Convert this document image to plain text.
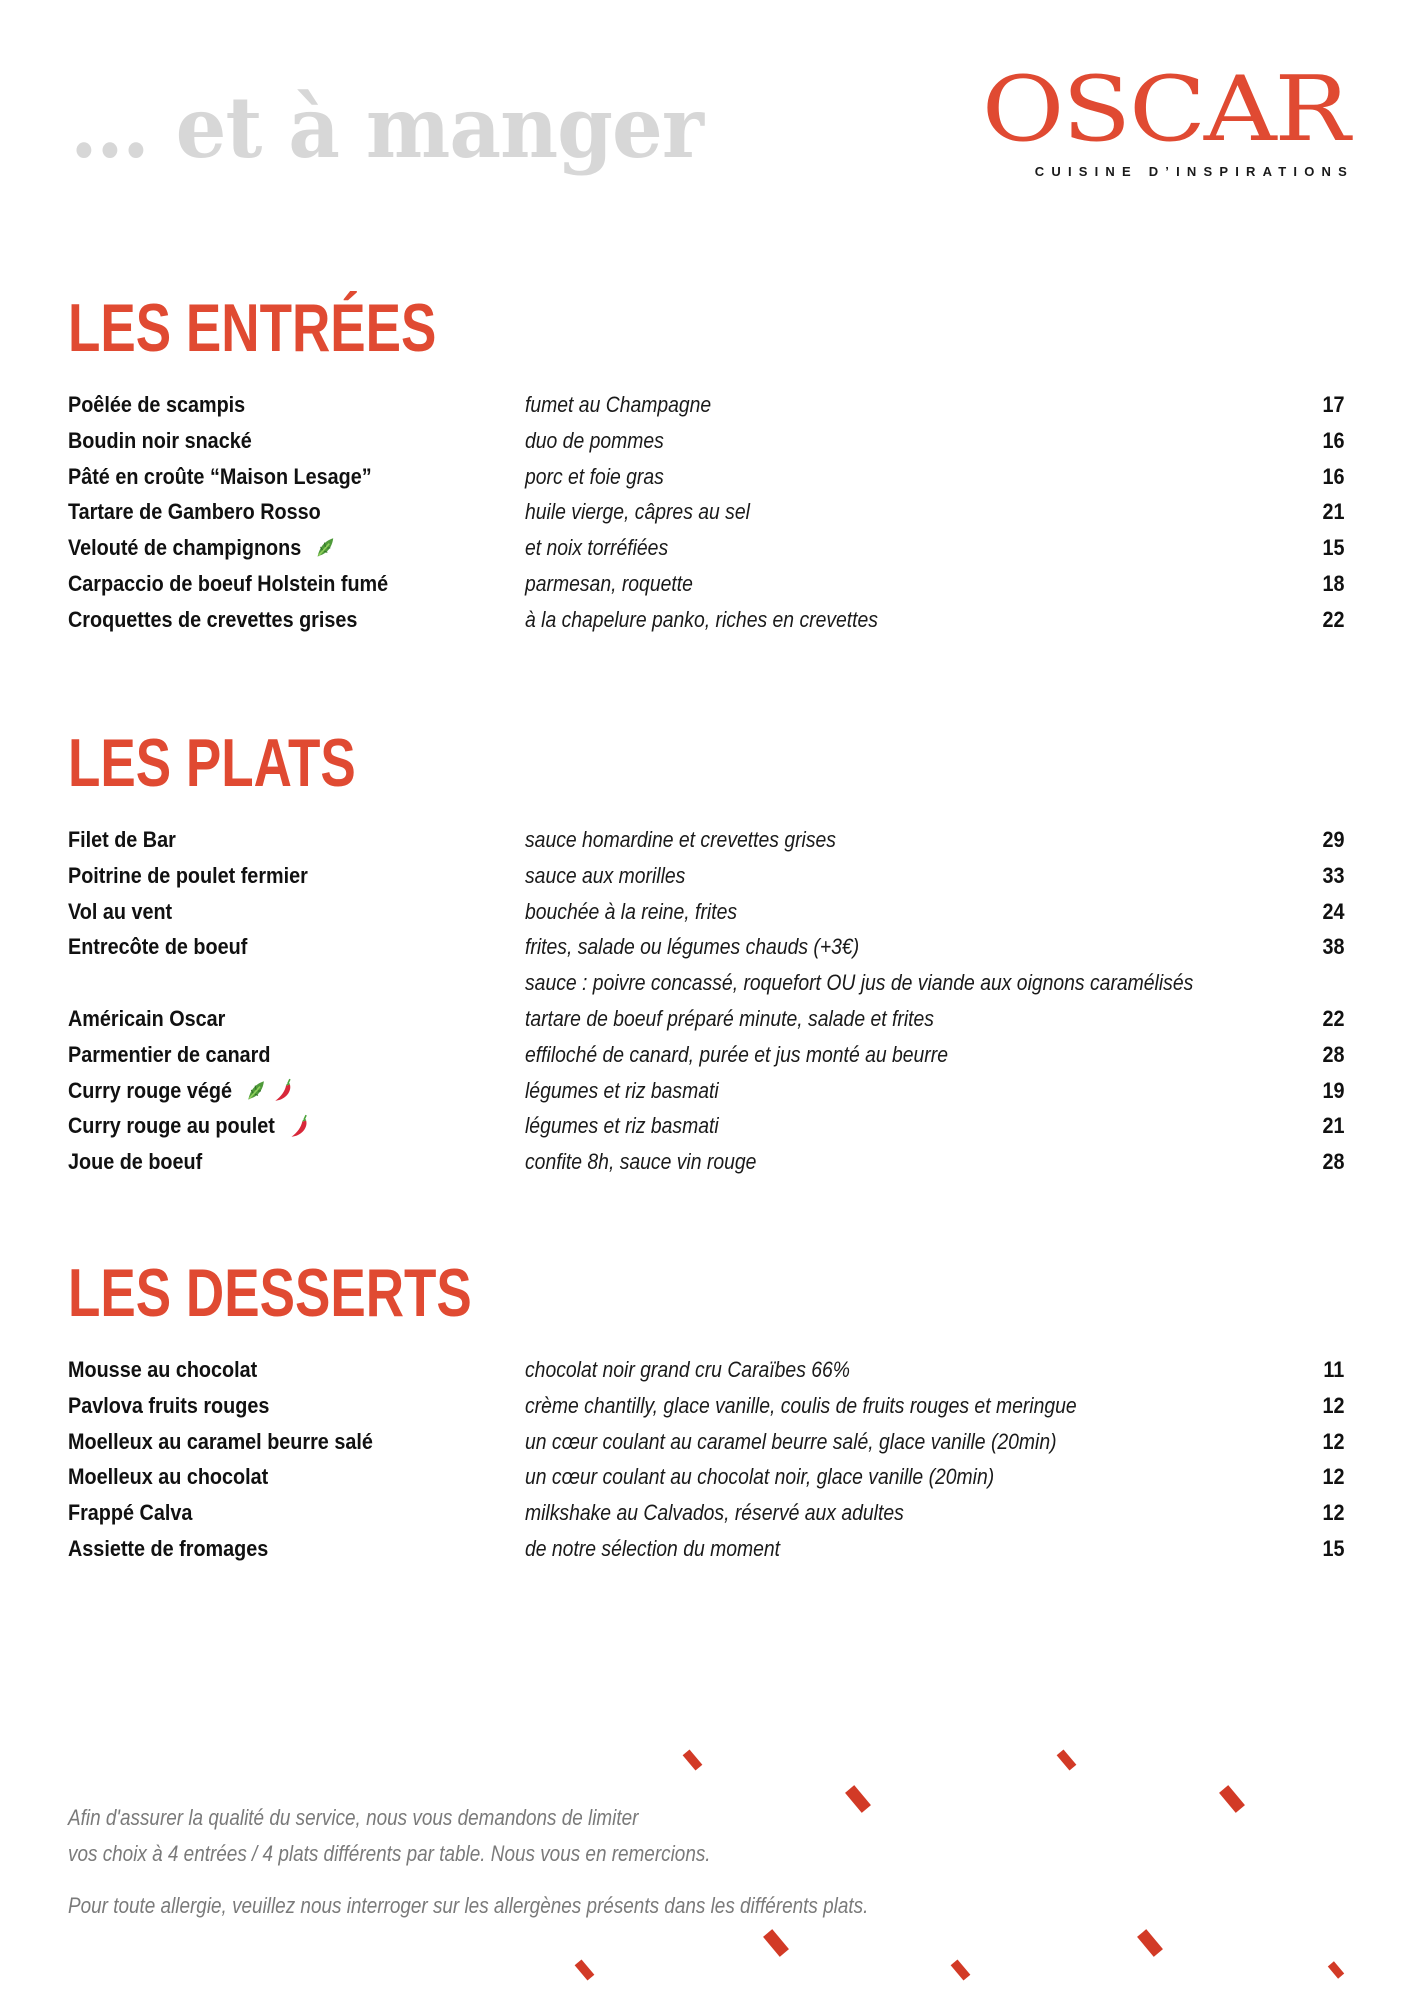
… et à manger	OSCAR
CUISINE D’INSPIRATIONS
LES ENTRÉES
Poêlée de scampis	fumet au Champagne	17
Boudin noir snacké	duo de pommes	16
Pâté en croûte “Maison Lesage”	porc et foie gras	16
Tartare de Gambero Rosso	huile vierge, câpres au sel	21
Velouté de champignons	et noix torréfiées	15
Carpaccio de boeuf Holstein fumé	parmesan, roquette	18
Croquettes de crevettes grises	à la chapelure panko, riches en crevettes	22
LES PLATS
Filet de Bar	sauce homardine et crevettes grises	29
Poitrine de poulet fermier	sauce aux morilles	33
Vol au vent	bouchée à la reine, frites	24
Entrecôte de boeuf	frites, salade ou légumes chauds (+3€)	38
sauce : poivre concassé, roquefort OU jus de viande aux oignons caramélisés
Américain Oscar	tartare de boeuf préparé minute, salade et frites	22
Parmentier de canard	effiloché de canard, purée et jus monté au beurre	28
Curry rouge végé	légumes et riz basmati	19
Curry rouge au poulet	légumes et riz basmati	21
Joue de boeuf	confite 8h, sauce vin rouge	28
LES DESSERTS
Mousse au chocolat	chocolat noir grand cru Caraïbes 66%	11
Pavlova fruits rouges	crème chantilly, glace vanille, coulis de fruits rouges et meringue	12
Moelleux au caramel beurre salé	un cœur coulant au caramel beurre salé, glace vanille (20min)	12
Moelleux au chocolat	un cœur coulant au chocolat noir, glace vanille (20min)	12
Frappé Calva	milkshake au Calvados, réservé aux adultes	12
Assiette de fromages	de notre sélection du moment	15

Afin d'assurer la qualité du service, nous vous demandons de limiter

vos choix à 4 entrées / 4 plats différents par table. Nous vous en remercions.

Pour toute allergie, veuillez nous interroger sur les allergènes présents dans les différents plats.
